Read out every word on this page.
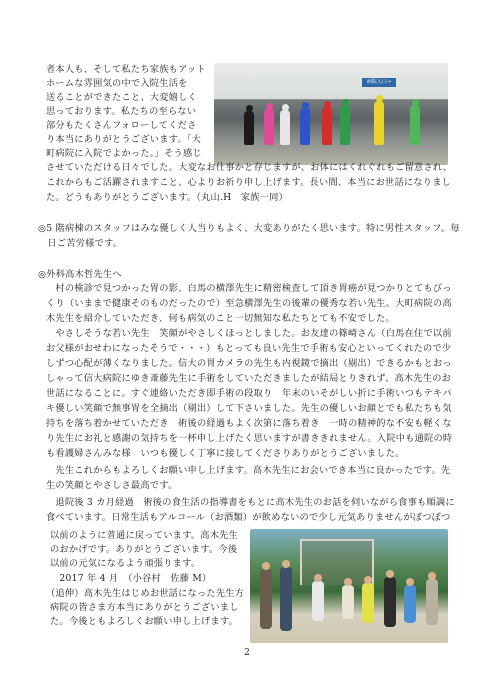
病院入口→
者本人も、そして私たち家族もアット
ホームな雰囲気の中で入院生活を
送ることができたこと、大変嬉しく
思っております。私たちの至らない
部分もたくさんフォローしてくださ
り本当にありがとうございます。「大
町病院に入院でよかった。」そう感じ
させていただける日々でした。大変なお仕事かと存じますが、お体にはくれぐれもご留意され、
これからもご活躍されますこと、心よりお祈り申し上げます。長い間、本当にお世話になりまし
た。どうもありがとうございます。（丸山.H　家族一同）
◎5 階病棟のスタッフはみな優しく人当りもよく、大変ありがたく思います。特に男性スタッフ。毎
　日ご苦労様です。
◎外科高木哲先生へ
　村の検診で見つかった胃の影、白馬の横澤先生に精密検査して頂き胃癌が見つかりとてもびっ
くり（いままで健康そのものだったので）至急横澤先生の後輩の優秀な若い先生。大町病院の高
木先生を紹介していただき、何も病気のこと一切無知な私たちとても不安でした。
　やさしそうな若い先生　笑顔がやさしくほっとしました。お友達の篠崎さん（白馬在住で以前
お父様がおせわになったそうで・・・）もとっても良い先生で手術も安心といってくれたので少
しずつ心配が薄くなりました。信大の胃カメラの先生も内視鏡で摘出（剔出）できるかもとおっ
しゃって信大病院にゆき斎藤先生に手術をしていただきましたが結局とりきれず、高木先生のお
世話になることに。すぐ連絡いただき即手術の段取り　年末のいそがしい折に手術いつもテキパ
キ優しい笑顔で無事胃を全摘出（剔出）して下さいました。先生の優しいお顔とでも私たちも気
持ちを落ち着かせていただき　術後の経過もよく次第に落ち着き　一時の精神的な不安も軽くな
り先生にお礼と感謝の気持ちを一杯申し上げたく思いますが書ききれません。入院中も通院の時
も看護婦さんみな様　いつも優しく丁寧に接してくださりありがとうございました。
　先生これからもよろしくお願い申し上げます。高木先生にお会いでき本当に良かったです。先
生の笑顔とやさしさ最高です。
　退院後 3 カ月経過　術後の食生活の指導書をもとに高木先生のお話を伺いながら食事も順調に
食べています。日常生活もアルコール（お酒類）が飲めないので少し元気ありませんがぼつぼつ
以前のように普通に戻っています。高木先生
のおかげです。ありがとうございます。今後
以前の元気になるよう頑張ります。
　2017 年 4 月　（小谷村　佐藤 M）
（追伸）高木先生はじめお世話になった先生方
病院の皆さま方本当にありがとうございまし
た。今後ともよろしくお願い申し上げます。
2
